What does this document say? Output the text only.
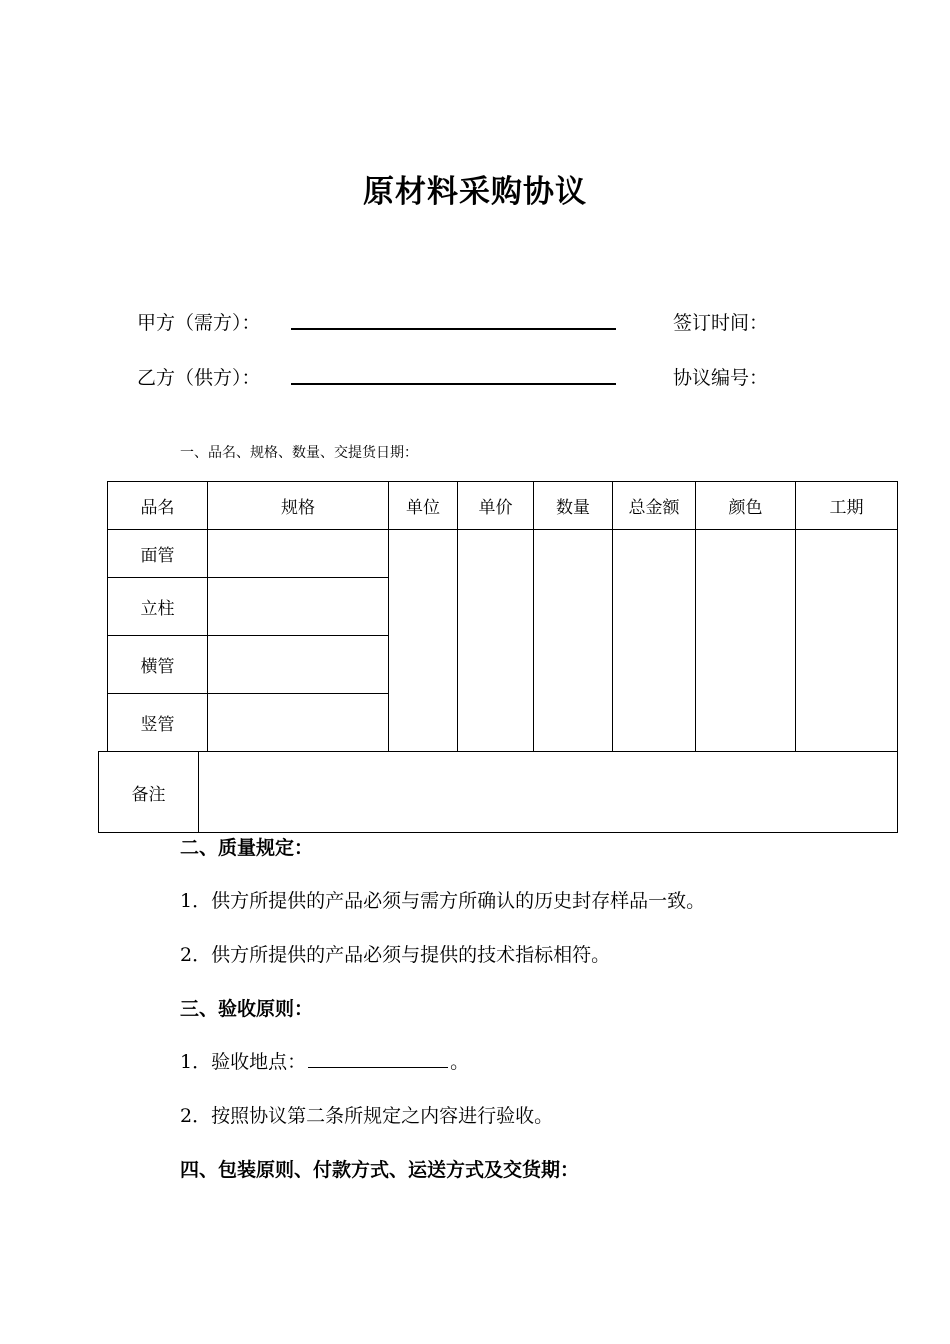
原材料采购协议
甲方（需方）：	签订时间：
乙方（供方）：	协议编号：
一、品名、规格、数量、交提货日期：
品名	规格	单位	单价	数量	总金额	颜色	工期
面管							
立柱							
横管							
竖管							
备注	
二、质量规定：
1．供方所提供的产品必须与需方所确认的历史封存样品一致。
2．供方所提供的产品必须与提供的技术指标相符。
三、验收原则：
1．验收地点：	。
2．按照协议第二条所规定之内容进行验收。
四、包装原则、付款方式、运送方式及交货期：
